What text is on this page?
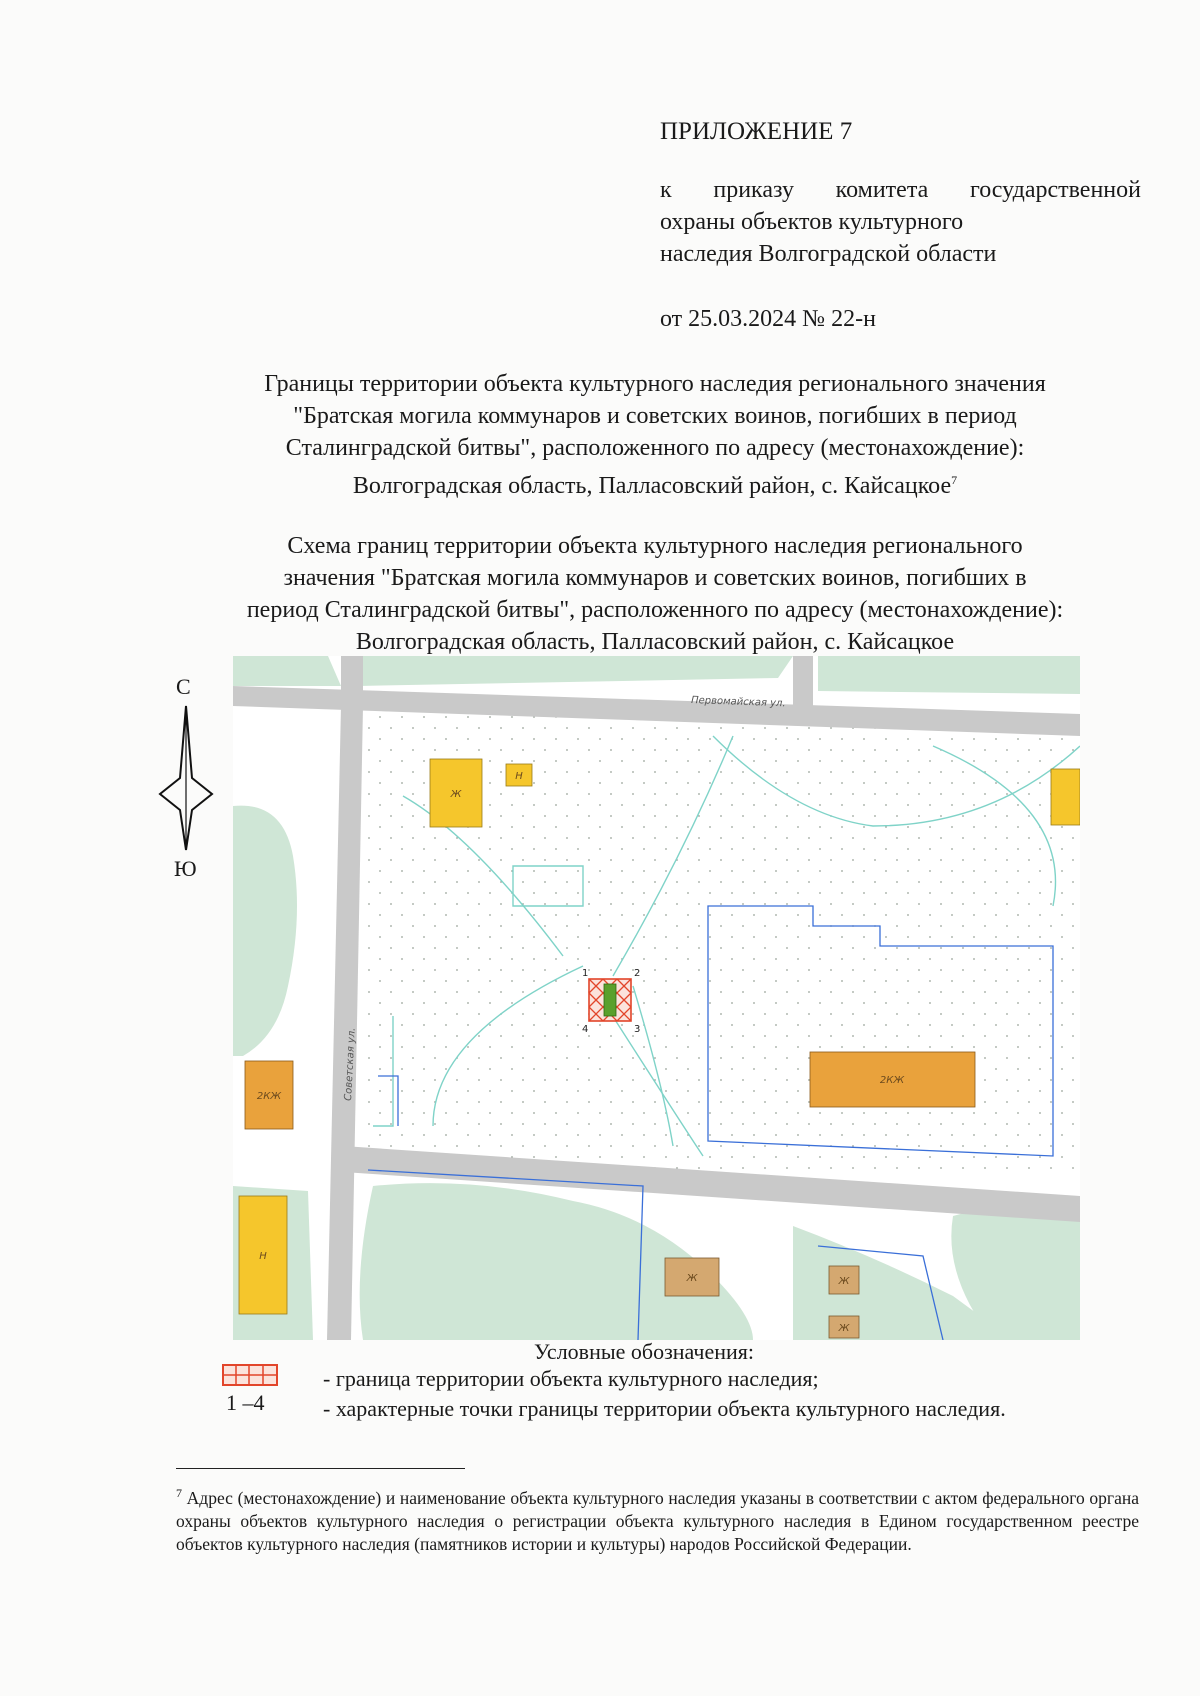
ПРИЛОЖЕНИЕ 7
к приказу комитета государственной
охраны объектов культурного
наследия Волгоградской области
от 25.03.2024 № 22-н
Границы территории объекта культурного наследия регионального значения
"Братская могила коммунаров и советских воинов, погибших в период
Сталинградской битвы", расположенного по адресу (местонахождение):
Волгоградская область, Палласовский район, с. Кайсацкое$^7$
Схема границ территории объекта культурного наследия регионального
значения "Братская могила коммунаров и советских воинов, погибших в
период Сталинградской битвы", расположенного по адресу (местонахождение):
Волгоградская область, Палласовский район, с. Кайсацкое
С
Ю
Ж
Н
2КЖ
2КЖ
Н
Ж	Ж
Ж
Первомайская ул.
Советская ул.
1	2
3
4
Условные обозначения:
- граница территории объекта культурного наследия;
1 –4	- характерные точки границы территории объекта культурного наследия.
$^7$ Адрес (местонахождение) и наименование объекта культурного наследия указаны в соответствии с актом федерального органа охраны объектов культурного наследия о регистрации объекта культурного наследия в Едином государственном реестре объектов культурного наследия (памятников истории и культуры) народов Российской Федерации.
